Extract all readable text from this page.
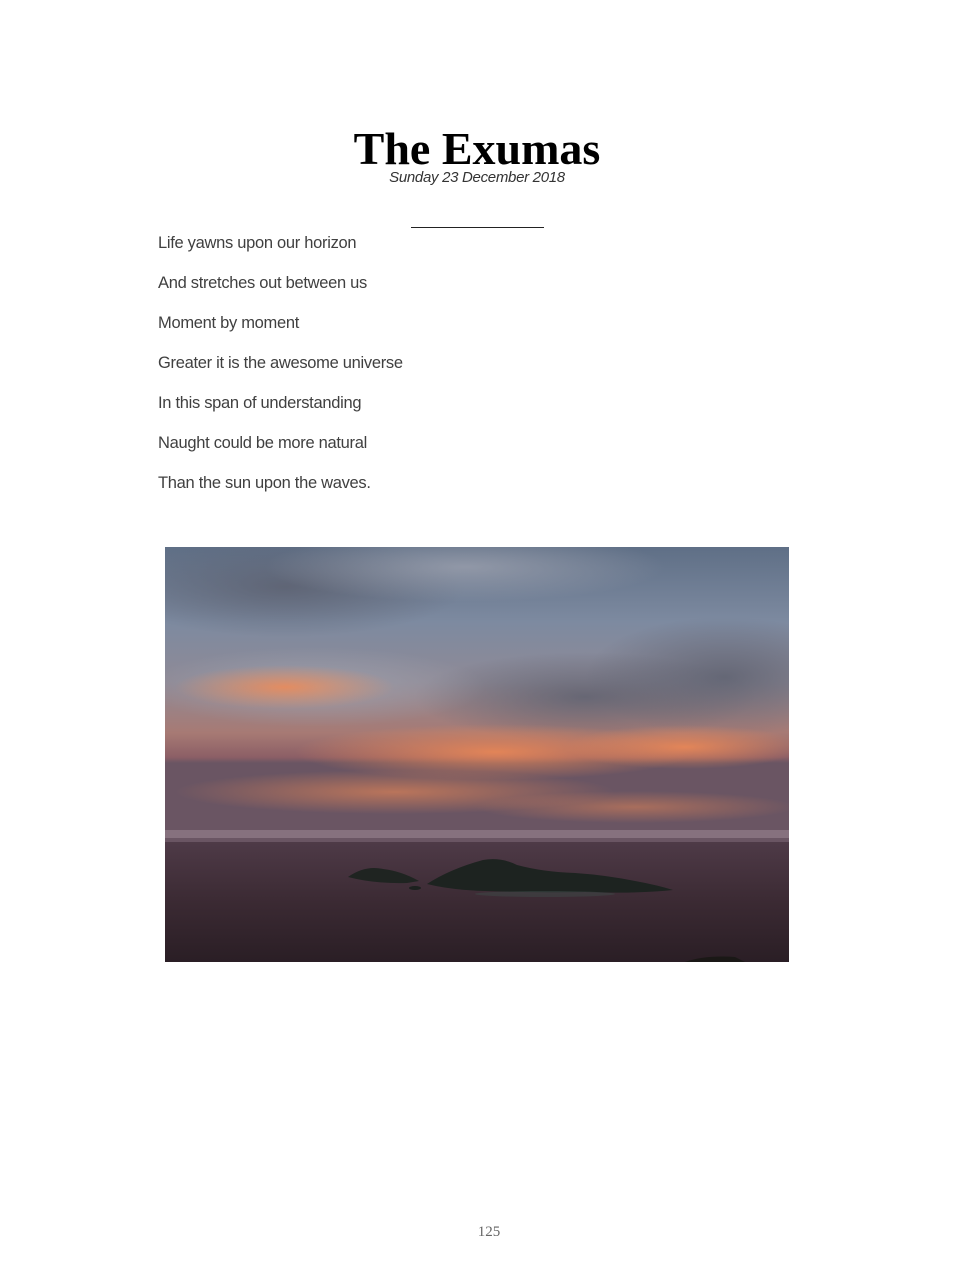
The Exumas
Sunday 23 December 2018
Life yawns upon our horizon
And stretches out between us
Moment by moment
Greater it is the awesome universe
In this span of understanding
Naught could be more natural
Than the sun upon the waves.
125
